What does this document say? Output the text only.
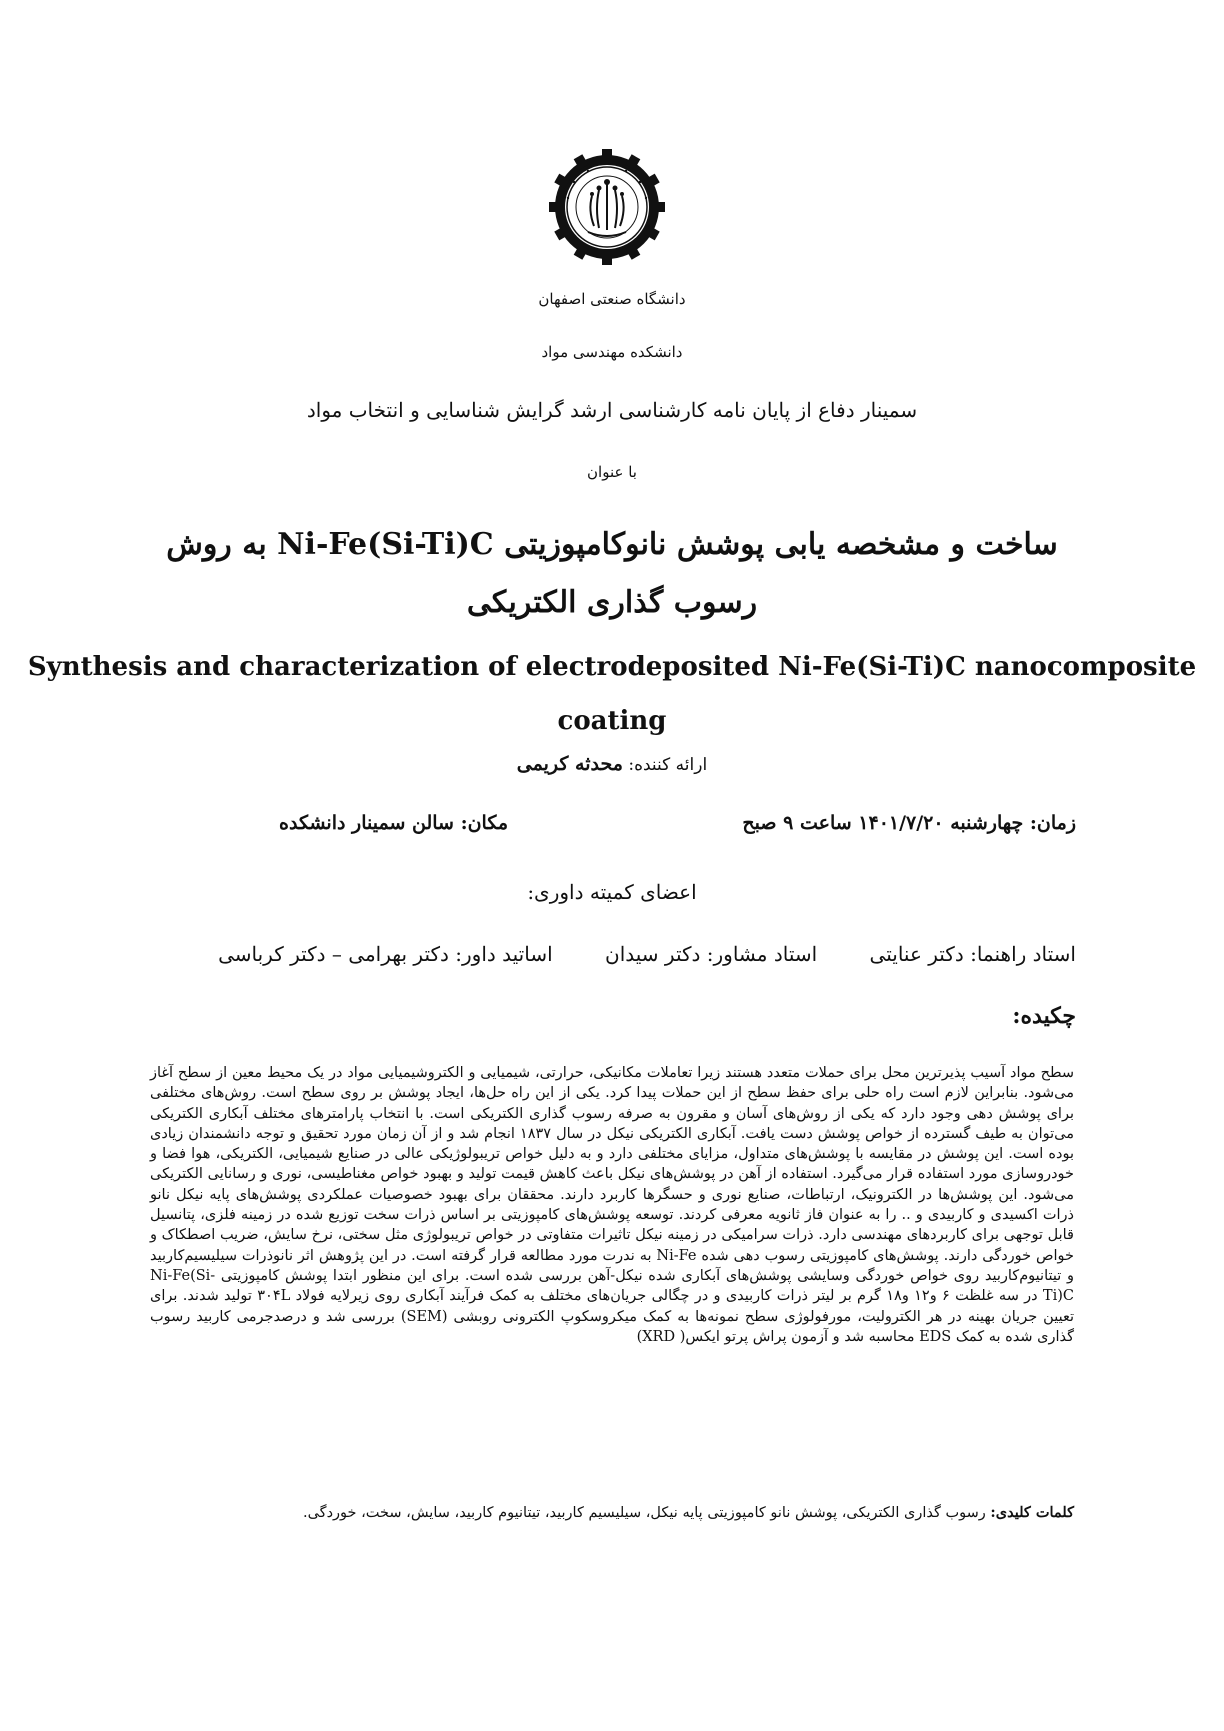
دانشگاه صنعتی اصفهان
دانشکده مهندسی مواد
سمینار دفاع از پایان نامه کارشناسی ارشد گرایش شناسایی و انتخاب مواد
با عنوان
ساخت و مشخصه یابی پوشش نانوکامپوزیتی Ni-Fe(Si-Ti)C به روش رسوب گذاری الکتریکی
Synthesis and characterization of electrodeposited Ni-Fe(Si-Ti)C nanocomposite coating
ارائه کننده: محدثه کریمی
زمان: چهارشنبه ۱۴۰۱/۷/۲۰ ساعت ۹ صبح
مکان: سالن سمینار دانشکده
اعضای کمیته داوری:
استاد راهنما: دکتر عنایتی استاد مشاور: دکتر سیدان اساتید داور: دکتر بهرامی – دکتر کرباسی
چکیده:
سطح مواد آسیب پذیرترین محل برای حملات متعدد هستند زیرا تعاملات مکانیکی، حرارتی، شیمیایی و الکتروشیمیایی مواد در یک محیط معین از سطح آغاز می‌شود. بنابراین لازم است راه حلی برای حفظ سطح از این حملات پیدا کرد. یکی از این راه حل‌ها، ایجاد پوشش بر روی سطح است. روش‌های مختلفی برای پوشش دهی وجود دارد که یکی از روش‌های آسان و مقرون به صرفه رسوب گذاری الکتریکی است. با انتخاب پارامترهای مختلف آبکاری الکتریکی می‌توان به طیف گسترده از خواص پوشش دست یافت. آبکاری الکتریکی نیکل در سال ۱۸۳۷ انجام شد و از آن زمان مورد تحقیق و توجه دانشمندان زیادی بوده است. این پوشش در مقایسه با پوشش‌های متداول، مزایای مختلفی دارد و به دلیل خواص تریبولوژیکی عالی در صنایع شیمیایی، الکتریکی، هوا فضا و خودروسازی مورد استفاده قرار می‌گیرد. استفاده از آهن در پوشش‌های نیکل باعث کاهش قیمت تولید و بهبود خواص مغناطیسی، نوری و رسانایی الکتریکی می‌شود. این پوشش‌ها در الکترونیک، ارتباطات، صنایع نوری و حسگرها کاربرد دارند. محققان برای بهبود خصوصیات عملکردی پوشش‌های پایه نیکل نانو ذرات اکسیدی و کاربیدی و .. را به عنوان فاز ثانویه معرفی کردند. توسعه پوشش‌های کامپوزیتی بر اساس ذرات سخت توزیع شده در زمینه فلزی، پتانسیل قابل توجهی برای کاربردهای مهندسی دارد. ذرات سرامیکی در زمینه نیکل تاثیرات متفاوتی در خواص تریبولوژی مثل سختی، نرخ سایش، ضریب اصطکاک و خواص خوردگی دارند. پوشش‌های کامپوزیتی رسوب دهی شده Ni-Fe به ندرت مورد مطالعه قرار گرفته است. در این پژوهش اثر نانوذرات سیلیسیم‌کاربید و تیتانیوم‌کاربید روی خواص خوردگی وسایشی پوشش‌های آبکاری شده نیکل-آهن بررسی شده است. برای این منظور ابتدا پوشش کامپوزیتی Ni-Fe(Si-Ti)C در سه غلظت ۶ و۱۲ و۱۸ گرم بر لیتر ذرات کاربیدی و در چگالی جریان‌های مختلف به کمک فرآیند آبکاری روی زیرلایه فولاد ۳۰۴L تولید شدند. برای تعیین جریان بهینه در هر الکترولیت، مورفولوژی سطح نمونه‌ها به کمک میکروسکوپ الکترونی روبشی (SEM) بررسی شد و درصدجرمی کاربید رسوب گذاری شده به کمک EDS محاسبه شد و آزمون پراش پرتو ایکس( XRD)
کلمات کلیدی: رسوب گذاری الکتریکی، پوشش نانو کامپوزیتی پایه نیکل، سیلیسیم کاربید، تیتانیوم کاربید، سایش، سخت، خوردگی.
